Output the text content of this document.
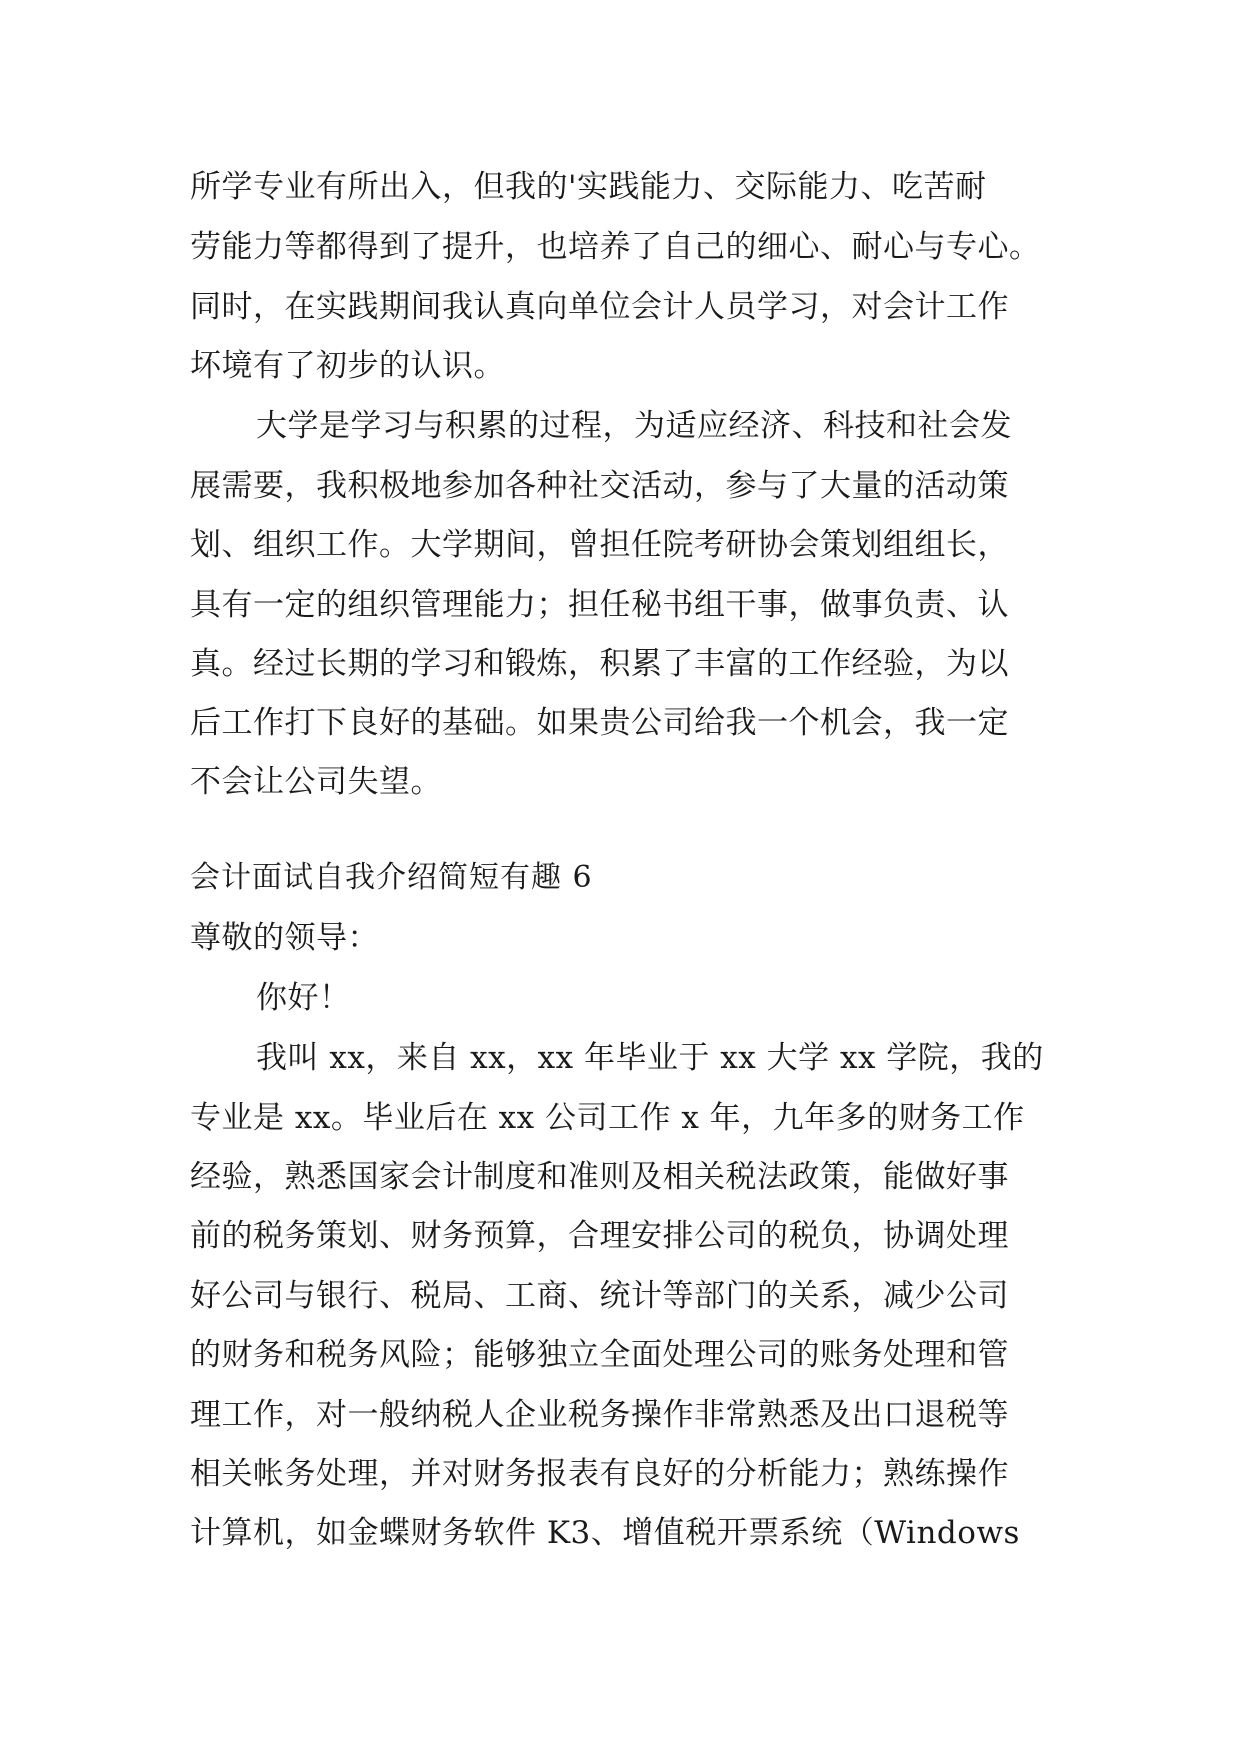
所学专业有所出入，但我的'实践能力、交际能力、吃苦耐
劳能力等都得到了提升，也培养了自己的细心、耐心与专心。
同时，在实践期间我认真向单位会计人员学习，对会计工作
坏境有了初步的认识。
大学是学习与积累的过程，为适应经济、科技和社会发
展需要，我积极地参加各种社交活动，参与了大量的活动策
划、组织工作。大学期间，曾担任院考研协会策划组组长，
具有一定的组织管理能力；担任秘书组干事，做事负责、认
真。经过长期的学习和锻炼，积累了丰富的工作经验，为以
后工作打下良好的基础。如果贵公司给我一个机会，我一定
不会让公司失望。
会计面试自我介绍简短有趣 6
尊敬的领导：
你好！
我叫 xx，来自 xx，xx 年毕业于 xx 大学 xx 学院，我的
专业是 xx。毕业后在 xx 公司工作 x 年，九年多的财务工作
经验，熟悉国家会计制度和准则及相关税法政策，能做好事
前的税务策划、财务预算，合理安排公司的税负，协调处理
好公司与银行、税局、工商、统计等部门的关系，减少公司
的财务和税务风险；能够独立全面处理公司的账务处理和管
理工作，对一般纳税人企业税务操作非常熟悉及出口退税等
相关帐务处理，并对财务报表有良好的分析能力；熟练操作
计算机，如金蝶财务软件 K3、增值税开票系统（Windows
